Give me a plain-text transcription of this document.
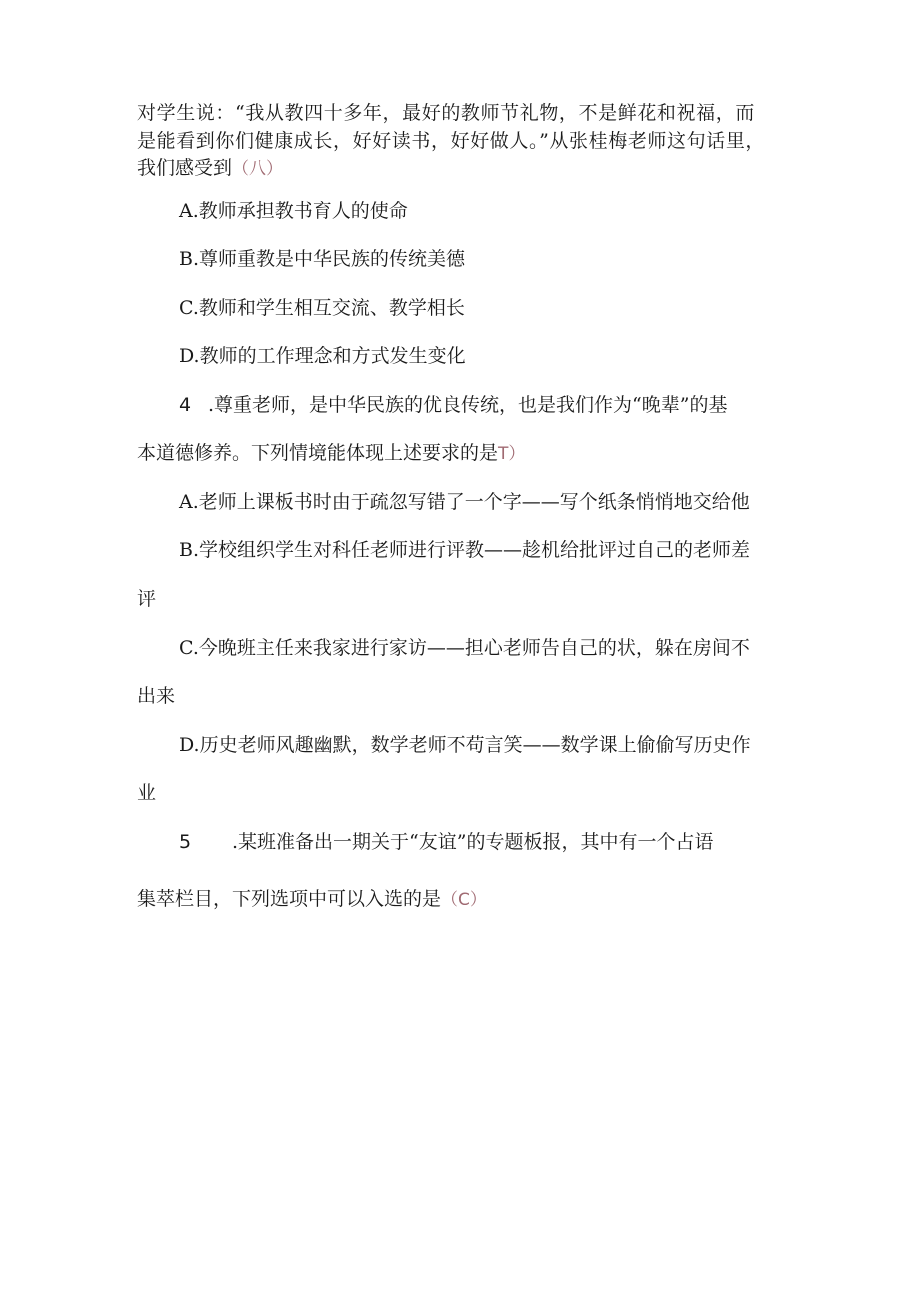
对学生说：“我从教四十多年，最好的教师节礼物，不是鲜花和祝福，而
是能看到你们健康成长，好好读书，好好做人。”从张桂梅老师这句话里，
我们感受到（八）
A.教师承担教书育人的使命
B.尊师重教是中华民族的传统美德
C.教师和学生相互交流、教学相长
D.教师的工作理念和方式发生变化
4 .尊重老师，是中华民族的优良传统，也是我们作为“晚辈”的基
本道德修养。下列情境能体现上述要求的是T）
A.老师上课板书时由于疏忽写错了一个字——写个纸条悄悄地交给他
B.学校组织学生对科任老师进行评教——趁机给批评过自己的老师差
评
C.今晚班主任来我家进行家访——担心老师告自己的状，躲在房间不
出来
D.历史老师风趣幽默，数学老师不苟言笑——数学课上偷偷写历史作
业
5 .某班准备出一期关于“友谊”的专题板报，其中有一个占语
集萃栏目，下列选项中可以入选的是（C）
